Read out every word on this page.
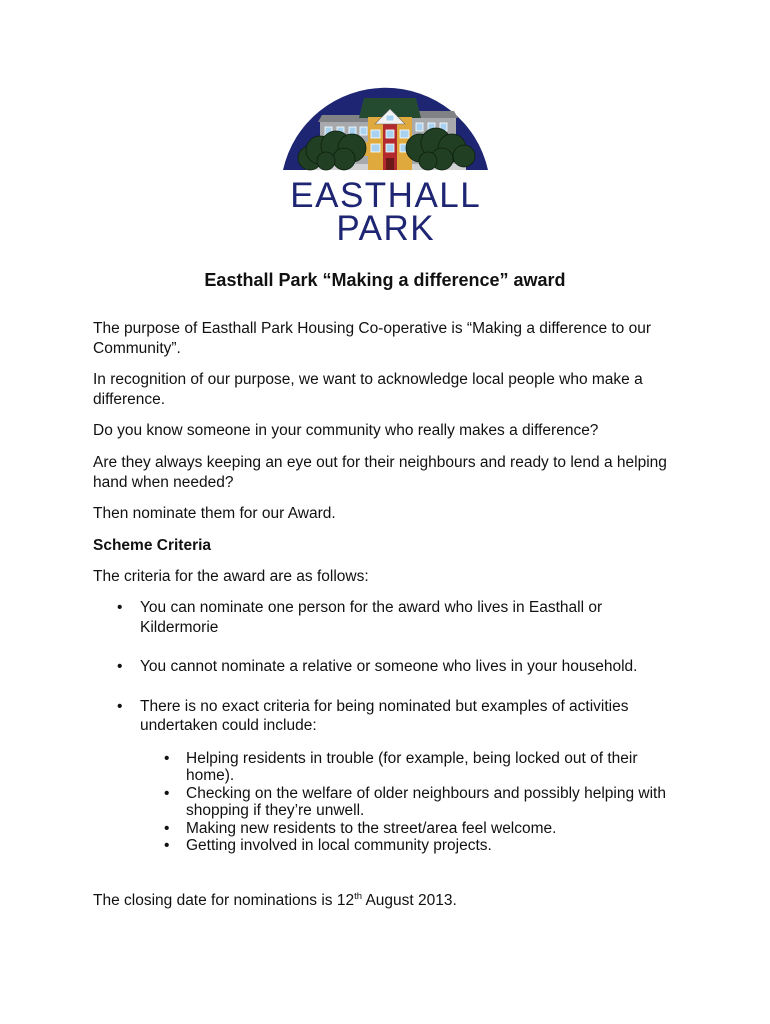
EASTHALL
PARK
Easthall Park “Making a difference” award

The purpose of Easthall Park Housing Co-operative is “Making a difference to our
Community”.

In recognition of our purpose, we want to acknowledge local people who make a
difference.

Do you know someone in your community who really makes a difference?

Are they always keeping an eye out for their neighbours and ready to lend a helping
hand when needed?

Then nominate them for our Award.

Scheme Criteria

The criteria for the award are as follows:

• You can nominate one person for the award who lives in Easthall or
Kildermorie
• You cannot nominate a relative or someone who lives in your household.
• There is no exact criteria for being nominated but examples of activities
undertaken could include:
• Helping residents in trouble (for example, being locked out of their
home).
• Checking on the welfare of older neighbours and possibly helping with
shopping if they’re unwell.
• Making new residents to the street/area feel welcome.
• Getting involved in local community projects.

The closing date for nominations is 12th August 2013.
